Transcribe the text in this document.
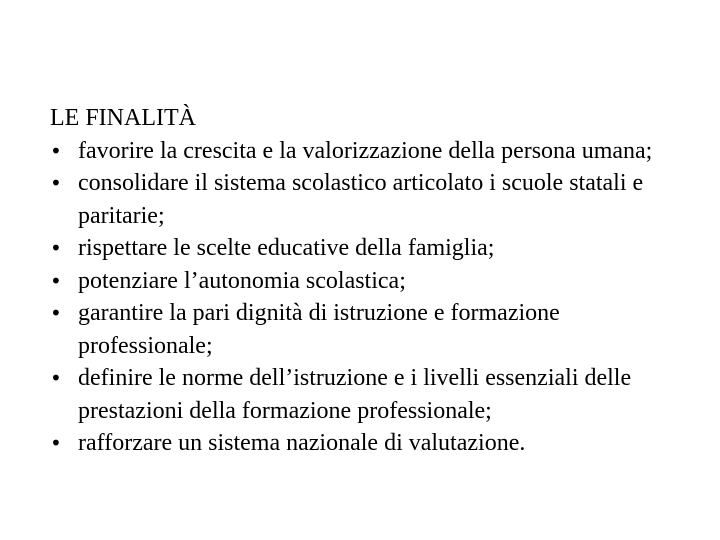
LE FINALITÀ
• favorire la crescita e la valorizzazione della persona umana;
• consolidare il sistema scolastico articolato i scuole statali e paritarie;
• rispettare le scelte educative della famiglia;
• potenziare l’autonomia scolastica;
• garantire la pari dignità di istruzione e formazione professionale;
• definire le norme dell’istruzione e i livelli essenziali delle prestazioni della formazione professionale;
• rafforzare un sistema nazionale di valutazione.
